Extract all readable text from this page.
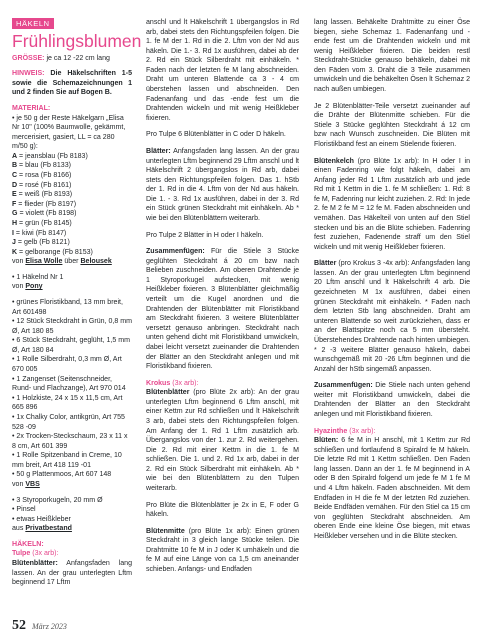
HÄKELN
Frühlingsblumen

GRÖSSE: je ca 12 -22 cm lang

HINWEIS: Die Häkelschriften 1-5 sowie die Schemazeichnungen 1 und 2 finden Sie auf Bogen B.

MATERIAL:
• je 50 g der Reste Häkelgarn „Elisa Nr 10" (100% Baumwolle, gekämmt, mercerisiert, gasiert, LL = ca 280 m/50 g):
A = jeansblau (Fb 8183)
B = blau (Fb 8133)
C = rosa (Fb 8166)
D = rosé (Fb 8161)
E = weiß (Fb 8193)
F = flieder (Fb 8197)
G = violett (Fb 8198)
H = grün (Fb 8145)
I = kiwi (Fb 8147)
J = gelb (Fb 8121)
K = gelborange (Fb 8153)
von Elisa Wolle über Belousek
• 1 Häkelnd Nr 1
von Pony
• grünes Floristikband, 13 mm breit, Art 601498
• 12 Stück Steckdraht in Grün, 0,8 mm Ø, Art 180 85
• 6 Stück Steckdraht, geglüht, 1,5 mm Ø, Art 180 84
• 1 Rolle Silberdraht, 0,3 mm Ø, Art 670 005
• 1 Zangenset (Seitenschneider, Rund- und Flachzange), Art 970 014
• 1 Holzkiste, 24 x 15 x 11,5 cm, Art 665 896
• 1x Chalky Color, antikgrün, Art 755 528 -09
• 2x Trocken-Steckschaum, 23 x 11 x 8 cm, Art 601 399
• 1 Rolle Spitzenband in Creme, 10 mm breit, Art 418 119 -01
• 50 g Plattenmoos, Art 607 148
von VBS
• 3 Styroporkugeln, 20 mm Ø
• Pinsel
• etwas Heißkleber
aus Privatbestand
HÄKELN:
Tulpe (3x arb):

Blütenblätter: Anfangsfaden lang lassen. An der grau unterlegten Lftm beginnend 17 Lftm

anschl und lt Häkelschrift 1 übergangslos in Rd arb, dabei stets den Richtungspfeilen folgen. Die 1. fe M der 1. Rd in die 2. Lftm von der Nd aus häkeln. Die 1.- 3. Rd 1x ausführen, dabei ab der 2. Rd ein Stück Silberdraht mit einhäkeln. * Faden nach der letzten fe M lang abschneiden. Draht um unteren Blattende ca 3 - 4 cm überstehen lassen und abschneiden. Den Fadenanfang und das -ende fest um die Drahtenden wickeln und mit wenig Heißkleber fixieren.

Pro Tulpe 6 Blütenblätter in C oder D häkeln.

Blätter: Anfangsfaden lang lassen. An der grau unterlegten Lftm beginnend 29 Lftm anschl und lt Häkelschrift 2 übergangslos in Rd arb, dabei stets den Richtungspfeilen folgen. Das 1. hStb der 1. Rd in die 4. Lftm von der Nd aus häkeln. Die 1. - 3. Rd 1x ausführen, dabei in der 3. Rd ein Stück grünen Steckdraht mit einhäkeln. Ab * wie bei den Blütenblättern weiterarb.

Pro Tulpe 2 Blätter in H oder I häkeln.

Zusammenfügen: Für die Stiele 3 Stücke geglühten Steckdraht á 20 cm bzw nach Belieben zuschneiden. Am oberen Drahtende je 1 Styroporkugel aufstecken, mit wenig Heißkleber fixieren. 3 Blütenblätter gleichmäßig verteilt um die Kugel anordnen und die Drahtenden der Blütenblätter mit Floristikband am Steckdraht fixieren. 3 weitere Blütenblätter versetzt genauso anbringen. Steckdraht nach unten gehend dicht mit Floristikband umwickeln, dabei leicht versetzt zueinander die Drahtenden der Blätter an den Steckdraht anlegen und mit Floristikband fixieren.

Krokus (3x arb):

Blütenblätter (pro Blüte 2x arb): An der grau unterlegten Lftm beginnend 6 Lftm anschl, mit einer Kettm zur Rd schließen und lt Häkelschrift 3 arb, dabei stets den Richtungspfeilen folgen. Am Anfang der 1. Rd 1 Lftm zusätzlich arb. Übergangslos von der 1. zur 2. Rd weitergehen. Die 2. Rd mit einer Kettm in die 1. fe M schließen. Die 1. und 2. Rd 1x arb, dabei in der 2. Rd ein Stück Silberdraht mit einhäkeln. Ab * wie bei den Blütenblättern zu den Tulpen weiterarb.

Pro Blüte die Blütenblätter je 2x in E, F oder G häkeln.

Blütenmitte (pro Blüte 1x arb): Einen grünen Steckdraht in 3 gleich lange Stücke teilen. Die Drahtmitte 10 fe M in J oder K umhäkeln und die fe M auf eine Länge von ca 1,5 cm aneinander schieben. Anfangs- und Endfaden

lang lassen. Behäkelte Drahtmitte zu einer Öse biegen, siehe Schemaz 1. Fadenanfang und -ende fest um die Drahtenden wickeln und mit wenig Heißkleber fixieren. Die beiden restl Steckdraht-Stücke genauso behäkeln, dabei mit den Fäden vom 3. Draht die 3 Teile zusammen umwickeln und die behäkelten Ösen lt Schemaz 2 nach außen umbiegen.

Je 2 Blütenblätter-Teile versetzt zueinander auf die Drähte der Blütenmitte schieben. Für die Stiele 3 Stücke geglühten Steckdraht á 12 cm bzw nach Wunsch zuschneiden. Die Blüten mit Floristikband fest an einem Stielende fixieren.

Blütenkelch (pro Blüte 1x arb): In H oder I in einen Fadenring wie folgt häkeln, dabei am Anfang jeder Rd 1 Lftm zusätzlich arb und jede Rd mit 1 Kettm in die 1. fe M schließen: 1. Rd: 8 fe M, Fadenring nur leicht zuziehen. 2. Rd: In jede 2. fe M 2 fe M = 12 fe M. Faden abschneiden und vernähen. Das Häkelteil von unten auf den Stiel stecken und bis an die Blüte schieben. Fadenring fest zuziehen, Fadenende straff um den Stiel wickeln und mit wenig Heißkleber fixieren.

Blätter (pro Krokus 3 -4x arb): Anfangsfaden lang lassen. An der grau unterlegten Lftm beginnend 20 Lftm anschl und lt Häkelschrift 4 arb. Die gezeichneten M 1x ausführen, dabei einen grünen Steckdraht mit einhäkeln. * Faden nach dem letzten Stb lang abschneiden. Draht am unteren Blattende so weit zurückziehen, dass er an der Blattspitze noch ca 5 mm übersteht. Überstehendes Drahtende nach hinten umbiegen. * 2 -3 weitere Blätter genauso häkeln, dabei wunschgemäß mit 20 -26 Lftm beginnen und die Anzahl der hStb singemäß anpassen.

Zusammenfügen: Die Stiele nach unten gehend weiter mit Floristikband umwickeln, dabei die Drahtenden der Blätter an den Steckdraht anlegen und mit Floristikband fixieren.

Hyazinthe (3x arb):

Blüten: 6 fe M in H anschl, mit 1 Kettm zur Rd schließen und fortlaufend 8 Spiralrd fe M häkeln. Die letzte Rd mit 1 Kettm schließen. Den Faden lang lassen. Dann an der 1. fe M beginnend in A oder B den Spiralrd folgend um jede fe M 1 fe M und 4 Lftm häkeln. Faden abschneiden. Mit dem Endfaden in H die fe M der letzten Rd zuziehen. Beide Endfäden vernähen. Für den Stiel ca 15 cm von geglühten Steckdraht abschneiden. Am oberen Ende eine kleine Öse biegen, mit etwas Heißkleber versehen und in die Blüte stecken.

52 März 2023
